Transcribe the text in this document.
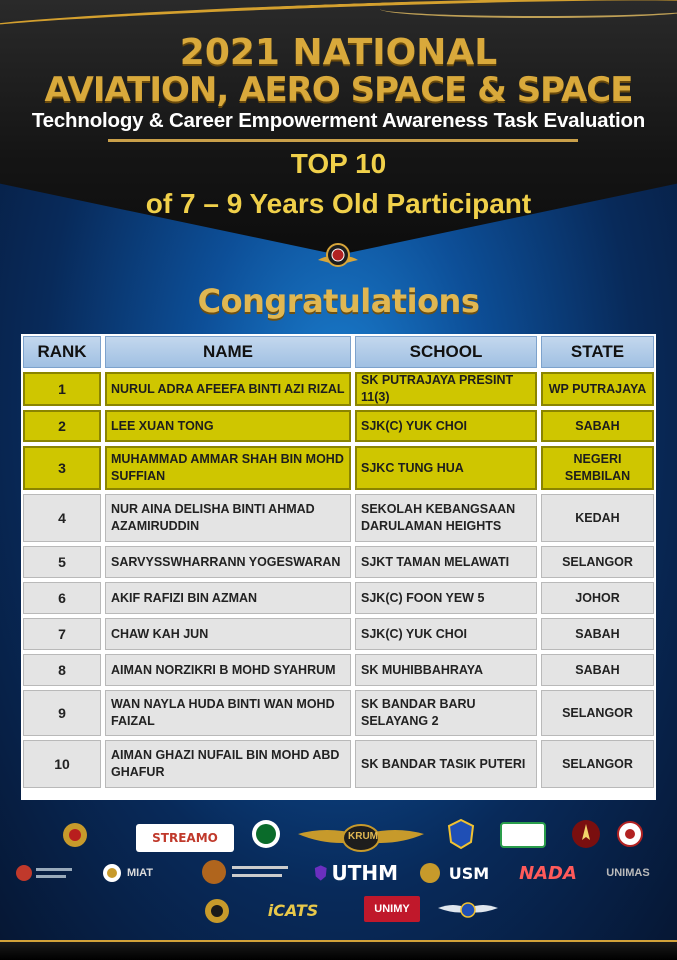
2021 NATIONAL
AVIATION, AERO SPACE & SPACE
Technology & Career Empowerment Awareness Task Evaluation
TOP 10
of 7 – 9 Years Old Participant
Congratulations
RANK	NAME	SCHOOL	STATE
1	NURUL ADRA AFEEFA BINTI AZI RIZAL	SK PUTRAJAYA PRESINT 11(3)	WP PUTRAJAYA
2	LEE XUAN TONG	SJK(C) YUK CHOI	SABAH
3	MUHAMMAD AMMAR SHAH BIN MOHD SUFFIAN	SJKC TUNG HUA	NEGERI SEMBILAN
4	NUR AINA DELISHA BINTI AHMAD AZAMIRUDDIN	SEKOLAH KEBANGSAAN DARULAMAN HEIGHTS	KEDAH
5	SARVYSSWHARRANN YOGESWARAN	SJKT TAMAN MELAWATI	SELANGOR
6	AKIF RAFIZI BIN AZMAN	SJK(C) FOON YEW 5	JOHOR
7	CHAW KAH JUN	SJK(C) YUK CHOI	SABAH
8	AIMAN NORZIKRI B MOHD SYAHRUM	SK MUHIBBAHRAYA	SABAH
9	WAN NAYLA HUDA BINTI WAN MOHD FAIZAL	SK BANDAR BARU SELAYANG 2	SELANGOR
10	AIMAN GHAZI NUFAIL BIN MOHD ABD GHAFUR	SK BANDAR TASIK PUTERI	SELANGOR
STREAMO	KRUM
MIAT	UTHM	USM NADA	UNIMAS
iCATS	UNIMY
